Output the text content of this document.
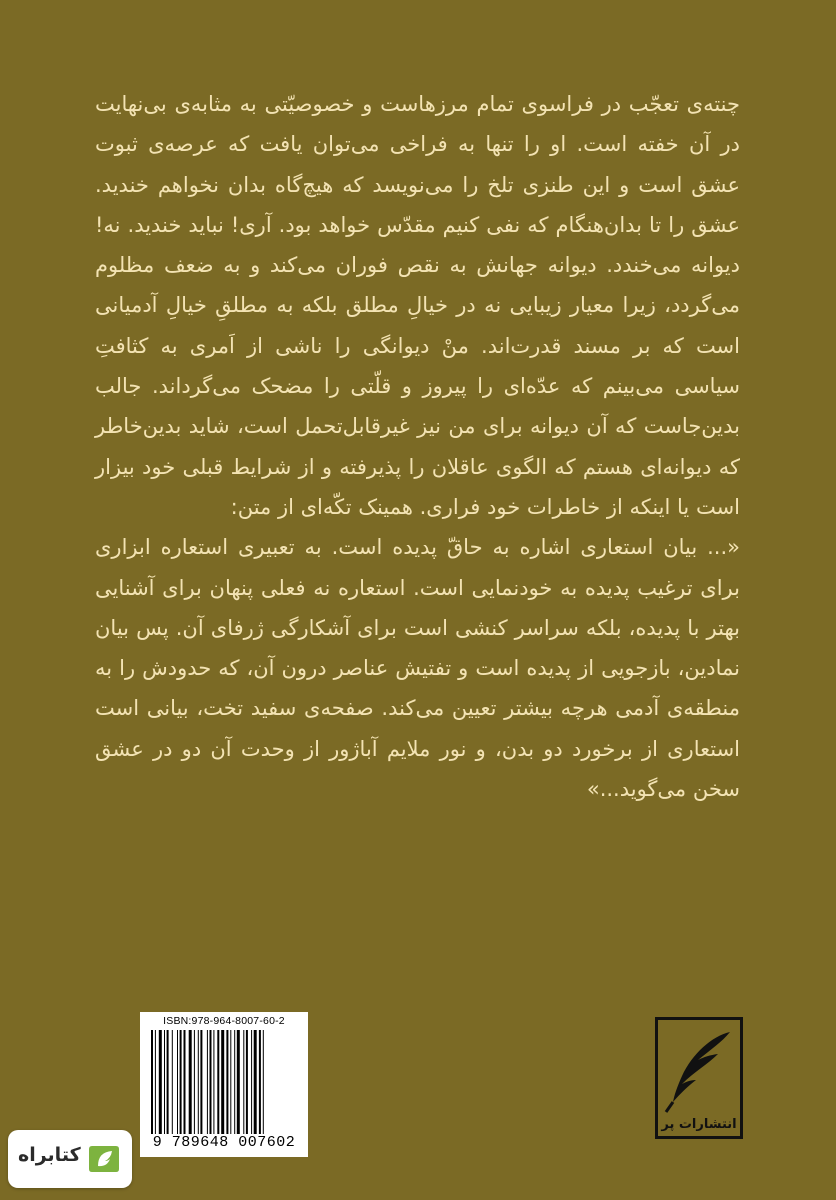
چنته‌ی تعجّب در فراسوی تمام مرزهاست و خصوصیّتی به مثابه‌ی بی‌نهایت در آن خفته است. او را تنها به فراخی می‌توان یافت که عرصه‌ی ثبوت عشق است و این طنزی تلخ را می‌نویسد که هیچ‌گاه بدان نخواهم خندید. عشق را تا بدان‌هنگام که نفی کنیم مقدّس خواهد بود. آری! نباید خندید. نه! دیوانه می‌خندد. دیوانه جهانش به نقص فوران می‌کند و به ضعف مظلوم می‌گردد، زیرا معیار زیبایی نه در خیالِ مطلق بلکه به مطلقِ خیالِ آدمیانی است که بر مسند قدرت‌اند. منْ دیوانگی را ناشی از اَمری به کثافتِ سیاسی می‌بینم که عدّه‌ای را پیروز و قلّتی را مضحک می‌گرداند. جالب بدین‌جاست که آن دیوانه برای من نیز غیرقابل‌تحمل است، شاید بدین‌خاطر که دیوانه‌ای هستم که الگوی عاقلان را پذیرفته و از شرایط قبلی خود بیزار است یا اینکه از خاطرات خود فراری. همینک تکّه‌ای از متن:

«... بیان استعاری اشاره به حاقّ پدیده است. به تعبیری استعاره ابزاری برای ترغیب پدیده به خودنمایی است. استعاره نه فعلی پنهان برای آشنایی بهتر با پدیده، بلکه سراسر کنشی است برای آشکارگی ژرفای آن. پس بیان نمادین، بازجویی از پدیده است و تفتیش عناصر درون آن، که حدودش را به منطقه‌ی آدمی هرچه بیشتر تعیین می‌کند. صفحه‌ی سفید تخت، بیانی است استعاری از برخورد دو بدن، و نور ملایم آباژور از وحدت آن دو در عشق سخن می‌گوید...»

ISBN:978-964-8007-60-2
9 789648 007602
انتشارات پر
کتابراه
